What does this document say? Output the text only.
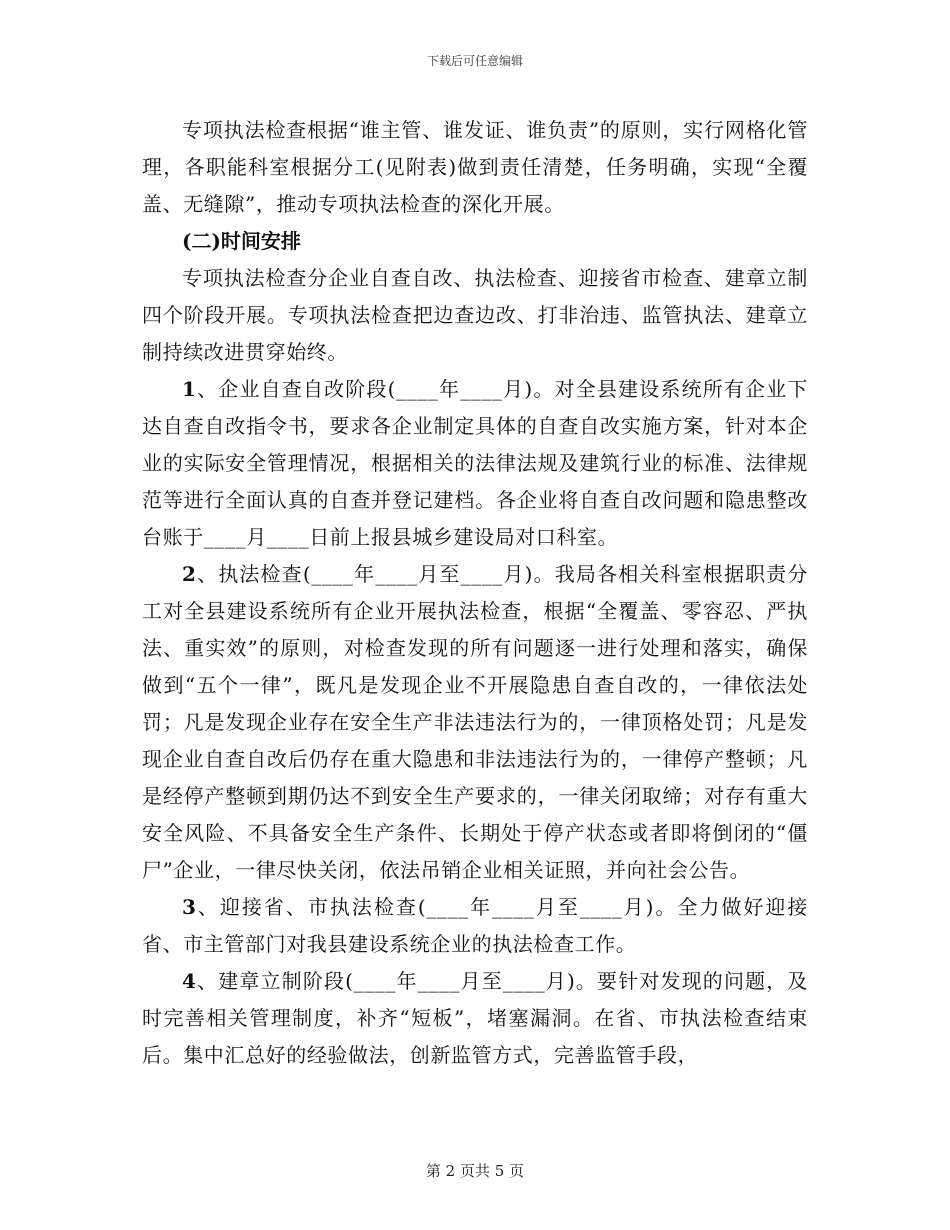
下载后可任意编辑

专项执法检查根据“谁主管、谁发证、谁负责”的原则，实行网格化管理，各职能科室根据分工(见附表)做到责任清楚，任务明确，实现“全覆盖、无缝隙”，推动专项执法检查的深化开展。

(二)时间安排

专项执法检查分企业自查自改、执法检查、迎接省市检查、建章立制四个阶段开展。专项执法检查把边查边改、打非治违、监管执法、建章立制持续改进贯穿始终。

1、企业自查自改阶段(____年____月)。对全县建设系统所有企业下达自查自改指令书，要求各企业制定具体的自查自改实施方案，针对本企业的实际安全管理情况，根据相关的法律法规及建筑行业的标准、法律规范等进行全面认真的自查并登记建档。各企业将自查自改问题和隐患整改台账于____月____日前上报县城乡建设局对口科室。

2、执法检查(____年____月至____月)。我局各相关科室根据职责分工对全县建设系统所有企业开展执法检查，根据“全覆盖、零容忍、严执法、重实效”的原则，对检查发现的所有问题逐一进行处理和落实，确保做到“五个一律”，既凡是发现企业不开展隐患自查自改的，一律依法处罚；凡是发现企业存在安全生产非法违法行为的，一律顶格处罚；凡是发现企业自查自改后仍存在重大隐患和非法违法行为的，一律停产整顿；凡是经停产整顿到期仍达不到安全生产要求的，一律关闭取缔；对存有重大安全风险、不具备安全生产条件、长期处于停产状态或者即将倒闭的“僵尸”企业，一律尽快关闭，依法吊销企业相关证照，并向社会公告。

3、迎接省、市执法检查(____年____月至____月)。全力做好迎接省、市主管部门对我县建设系统企业的执法检查工作。

4、建章立制阶段(____年____月至____月)。要针对发现的问题，及时完善相关管理制度，补齐“短板”，堵塞漏洞。在省、市执法检查结束后。集中汇总好的经验做法，创新监管方式，完善监管手段，

第 2 页共 5 页
